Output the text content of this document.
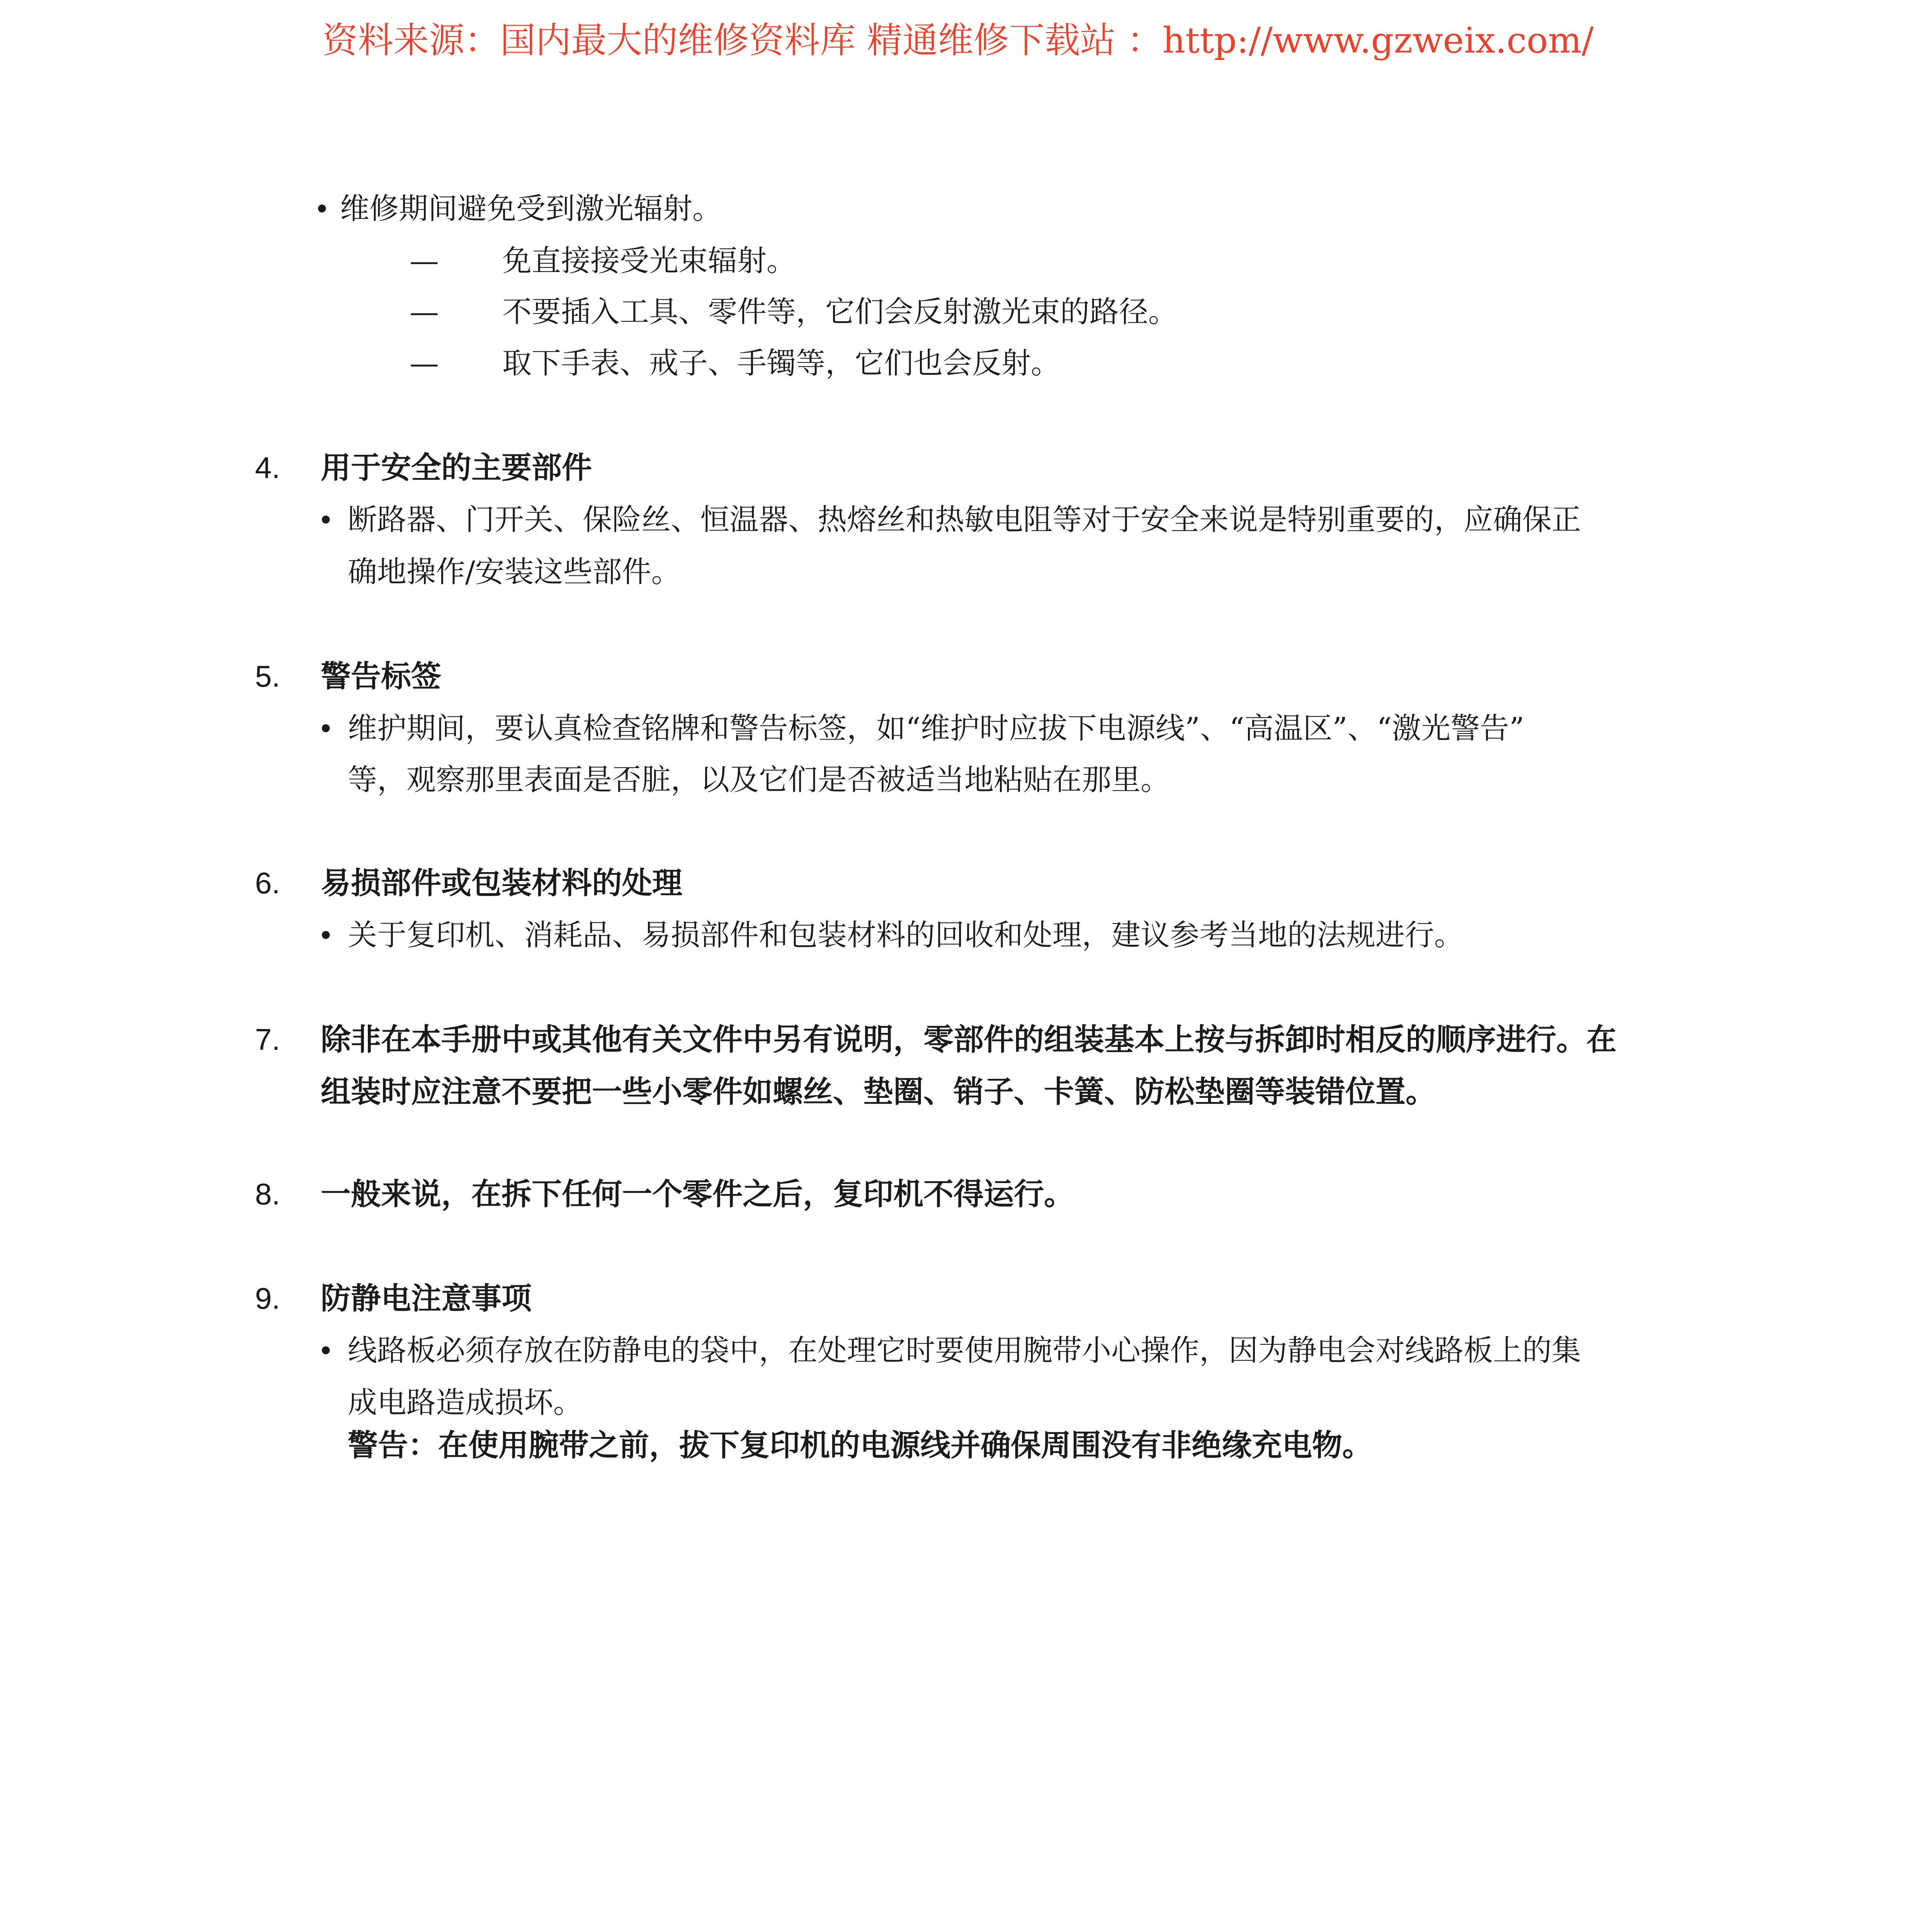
资料来源：国内最大的维修资料库 精通维修下载站 ：http://www.gzweix.com/
• 维修期间避免受到激光辐射。
— 免直接接受光束辐射。
— 不要插入工具、零件等，它们会反射激光束的路径。
— 取下手表、戒子、手镯等，它们也会反射。
4. 用于安全的主要部件
• 断路器、门开关、保险丝、恒温器、热熔丝和热敏电阻等对于安全来说是特别重要的，应确保正
确地操作/安装这些部件。
5. 警告标签
• 维护期间，要认真检查铭牌和警告标签，如“维护时应拔下电源线”、“高温区”、“激光警告”
等，观察那里表面是否脏，以及它们是否被适当地粘贴在那里。
6. 易损部件或包装材料的处理
• 关于复印机、消耗品、易损部件和包装材料的回收和处理，建议参考当地的法规进行。
7. 除非在本手册中或其他有关文件中另有说明，零部件的组装基本上按与拆卸时相反的顺序进行。在
组装时应注意不要把一些小零件如螺丝、垫圈、销子、卡簧、防松垫圈等装错位置。
8. 一般来说，在拆下任何一个零件之后，复印机不得运行。
9. 防静电注意事项
• 线路板必须存放在防静电的袋中，在处理它时要使用腕带小心操作，因为静电会对线路板上的集
成电路造成损坏。
警告：在使用腕带之前，拔下复印机的电源线并确保周围没有非绝缘充电物。
